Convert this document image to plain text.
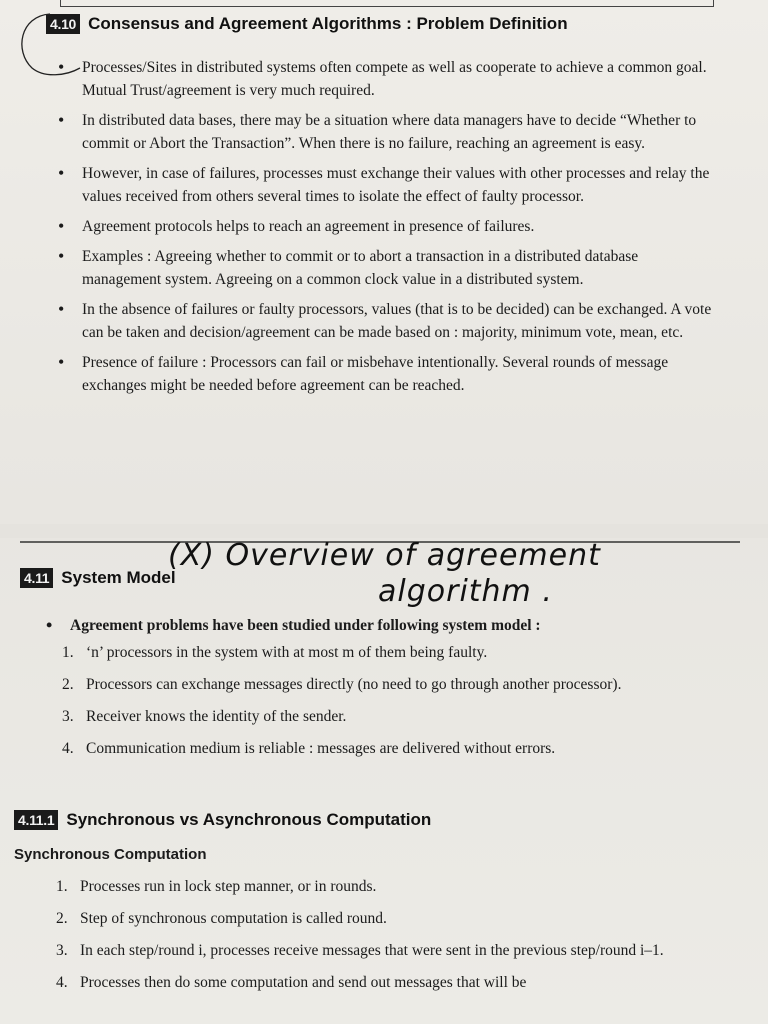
4.10 Consensus and Agreement Algorithms : Problem Definition
• Processes/Sites in distributed systems often compete as well as cooperate to achieve a common goal. Mutual Trust/agreement is very much required.
• In distributed data bases, there may be a situation where data managers have to decide “Whether to commit or Abort the Transaction”. When there is no failure, reaching an agreement is easy.
• However, in case of failures, processes must exchange their values with other processes and relay the values received from others several times to isolate the effect of faulty processor.
• Agreement protocols helps to reach an agreement in presence of failures.
• Examples : Agreeing whether to commit or to abort a transaction in a distributed database management system. Agreeing on a common clock value in a distributed system.
• In the absence of failures or faulty processors, values (that is to be decided) can be exchanged. A vote can be taken and decision/agreement can be made based on : majority, minimum vote, mean, etc.
• Presence of failure : Processors can fail or misbehave intentionally. Several rounds of message exchanges might be needed before agreement can be reached.
(X) Overview of agreement
algorithm .
4.11 System Model
• Agreement problems have been studied under following system model :
1. ‘n’ processors in the system with at most m of them being faulty.
2. Processors can exchange messages directly (no need to go through another processor).
3. Receiver knows the identity of the sender.
4. Communication medium is reliable : messages are delivered without errors.
4.11.1 Synchronous vs Asynchronous Computation
Synchronous Computation
1. Processes run in lock step manner, or in rounds.
2. Step of synchronous computation is called round.
3. In each step/round i, processes receive messages that were sent in the previous step/round i–1.
4. Processes then do some computation and send out messages that will be
